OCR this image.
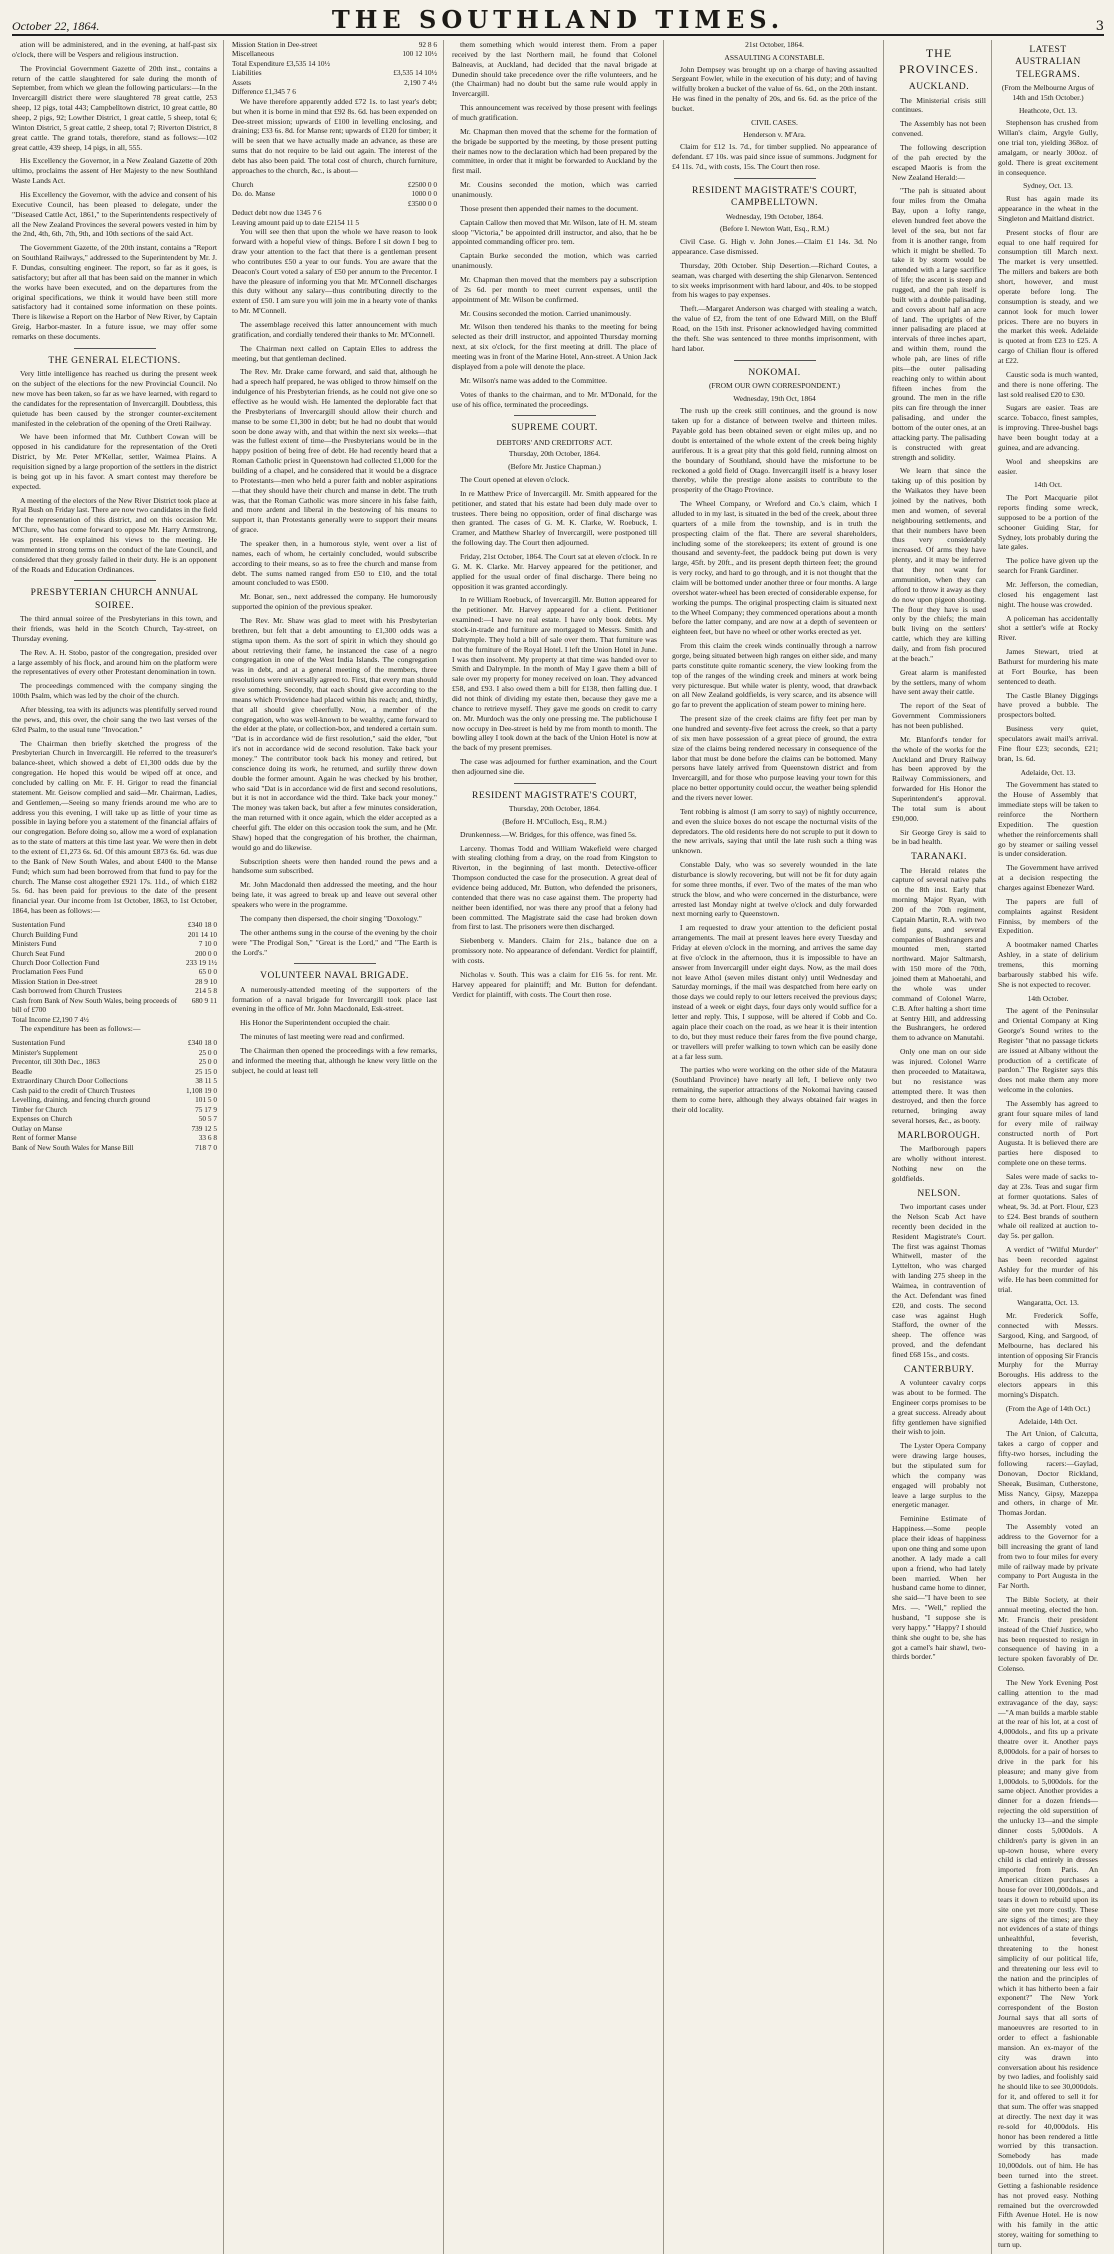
October 22, 1864.	THE SOUTHLAND TIMES.	3

ation will be administered, and in the evening, at half-past six o'clock, there will be Vespers and religious instruction.

The Provincial Government Gazette of 20th inst., contains a return of the cattle slaughtered for sale during the month of September, from which we glean the following particulars:—In the Invercargill district there were slaughtered 78 great cattle, 253 sheep, 12 pigs, total 443; Campbelltown district, 10 great cattle, 80 sheep, 2 pigs, 92; Lowther District, 1 great cattle, 5 sheep, total 6; Winton District, 5 great cattle, 2 sheep, total 7; Riverton District, 8 great cattle. The grand totals, therefore, stand as follows:—102 great cattle, 439 sheep, 14 pigs, in all, 555.

His Excellency the Governor, in a New Zealand Gazette of 20th ultimo, proclaims the assent of Her Majesty to the new Southland Waste Lands Act.

His Excellency the Governor, with the advice and consent of his Executive Council, has been pleased to delegate, under the "Diseased Cattle Act, 1861," to the Superintendents respectively of all the New Zealand Provinces the several powers vested in him by the 2nd, 4th, 6th, 7th, 9th, and 10th sections of the said Act.

The Government Gazette, of the 20th instant, contains a "Report on Southland Railways," addressed to the Superintendent by Mr. J. F. Dundas, consulting engineer. The report, so far as it goes, is satisfactory; but after all that has been said on the manner in which the works have been executed, and on the departures from the original specifications, we think it would have been still more satisfactory had it contained some information on these points. There is likewise a Report on the Harbor of New River, by Captain Greig, Harbor-master. In a future issue, we may offer some remarks on these documents.

THE GENERAL ELECTIONS.

Very little intelligence has reached us during the present week on the subject of the elections for the new Provincial Council. No new move has been taken, so far as we have learned, with regard to the candidates for the representation of Invercargill. Doubtless, this quietude has been caused by the stronger counter-excitement manifested in the celebration of the opening of the Oreti Railway.

We have been informed that Mr. Cuthbert Cowan will be opposed in his candidature for the representation of the Oreti District, by Mr. Peter M'Kellar, settler, Waimea Plains. A requisition signed by a large proportion of the settlers in the district is being got up in his favor. A smart contest may therefore be expected.

A meeting of the electors of the New River District took place at Ryal Bush on Friday last. There are now two candidates in the field for the representation of this district, and on this occasion Mr. M'Clure, who has come forward to oppose Mr. Harry Armstrong, was present. He explained his views to the meeting. He commented in strong terms on the conduct of the late Council, and considered that they grossly failed in their duty. He is an opponent of the Roads and Education Ordinances.

PRESBYTERIAN CHURCH ANNUAL SOIREE.

The third annual soiree of the Presbyterians in this town, and their friends, was held in the Scotch Church, Tay-street, on Thursday evening.

The Rev. A. H. Stobo, pastor of the congregation, presided over a large assembly of his flock, and around him on the platform were the representatives of every other Protestant denomination in town.

The proceedings commenced with the company singing the 100th Psalm, which was led by the choir of the church.

After blessing, tea with its adjuncts was plentifully served round the pews, and, this over, the choir sang the two last verses of the 63rd Psalm, to the usual tune "Invocation."

The Chairman then briefly sketched the progress of the Presbyterian Church in Invercargill. He referred to the treasurer's balance-sheet, which showed a debt of £1,300 odds due by the congregation. He hoped this would be wiped off at once, and concluded by calling on Mr. F. H. Grigor to read the financial statement. Mr. Geisow complied and said—Mr. Chairman, Ladies, and Gentlemen,—Seeing so many friends around me who are to address you this evening, I will take up as little of your time as possible in laying before you a statement of the financial affairs of our congregation. Before doing so, allow me a word of explanation as to the state of matters at this time last year. We were then in debt to the extent of £1,273 6s. 6d. Of this amount £873 6s. 6d. was due to the Bank of New South Wales, and about £400 to the Manse Fund; which sum had been borrowed from that fund to pay for the church. The Manse cost altogether £921 17s. 11d., of which £182 5s. 6d. has been paid for previous to the date of the present financial year. Our income from 1st October, 1863, to 1st October, 1864, has been as follows:—

Sustentation Fund	£340 18 0
Church Building Fund	201 14 10
Ministers Fund	7 10 0
Church Seat Fund	200 0 0
Church Door Collection Fund	233 19 1½
Proclamation Fees Fund	65 0 0
Mission Station in Dee-street	28 9 10
Cash borrowed from Church Trustees	214 5 8
Cash from Bank of New South Wales, being proceeds of bill of £700
680 9 11
Total Income £2,190 7 4½

The expenditure has been as follows:—

Sustentation Fund	£340 18 0
Minister's Supplement	25 0 0
Precentor, till 30th Dec., 1863	25 0 0
Beadle	25 15 0
Extraordinary Church Door Collections	38 11 5
Cash paid to the credit of Church Trustees	1,108 19 0
Levelling, draining, and fencing church ground	101 5 0
Timber for Church	75 17 9
Expenses on Church	50 5 7
Outlay on Manse	739 12 5
Rent of former Manse	33 6 8
Bank of New South Wales for Manse Bill	718 7 0
Mission Station in Dee-street	92 8 6
Miscellaneous	100 12 10½
Total Expenditure £3,535 14 10½
Liabilities	£3,535 14 10½
Assets	2,190 7 4½
Difference £1,345 7 6

We have therefore apparently added £72 1s. to last year's debt; but when it is borne in mind that £92 8s. 6d. has been expended on Dee-street mission; upwards of £100 in levelling enclosing, and draining; £33 6s. 8d. for Manse rent; upwards of £120 for timber; it will be seen that we have actually made an advance, as these are sums that do not require to be laid out again. The interest of the debt has also been paid. The total cost of church, church furniture, approaches to the church, &c., is about—

Church	£2500 0 0
Do. do. Manse	1000 0 0
£3500 0 0
Deduct debt now due 1345 7 6
Leaving amount paid up to date £2154 11 5

You will see then that upon the whole we have reason to look forward with a hopeful view of things. Before I sit down I beg to draw your attention to the fact that there is a gentleman present who contributes £50 a year to our funds. You are aware that the Deacon's Court voted a salary of £50 per annum to the Precentor. I have the pleasure of informing you that Mr. M'Connell discharges this duty without any salary—thus contributing directly to the extent of £50. I am sure you will join me in a hearty vote of thanks to Mr. M'Connell.

The assemblage received this latter announcement with much gratification, and cordially tendered their thanks to Mr. M'Connell.

The Chairman next called on Captain Elles to address the meeting, but that gentleman declined.

The Rev. Mr. Drake came forward, and said that, although he had a speech half prepared, he was obliged to throw himself on the indulgence of his Presbyterian friends, as he could not give one so effective as he would wish. He lamented the deplorable fact that the Presbyterians of Invercargill should allow their church and manse to be some £1,300 in debt; but he had no doubt that would soon be done away with, and that within the next six weeks—that was the fullest extent of time—the Presbyterians would be in the happy position of being free of debt. He had recently heard that a Roman Catholic priest in Queenstown had collected £1,000 for the building of a chapel, and he considered that it would be a disgrace to Protestants—men who held a purer faith and nobler aspirations—that they should have their church and manse in debt. The truth was, that the Roman Catholic was more sincere in his false faith, and more ardent and liberal in the bestowing of his means to support it, than Protestants generally were to support their means of grace.

The speaker then, in a humorous style, went over a list of names, each of whom, he certainly concluded, would subscribe according to their means, so as to free the church and manse from debt. The sums named ranged from £50 to £10, and the total amount concluded to was £500.

Mr. Bonar, sen., next addressed the company. He humorously supported the opinion of the previous speaker.

The Rev. Mr. Shaw was glad to meet with his Presbyterian brethren, but felt that a debt amounting to £1,300 odds was a stigma upon them. As the sort of spirit in which they should go about retrieving their fame, he instanced the case of a negro congregation in one of the West India Islands. The congregation was in debt, and at a general meeting of the members, three resolutions were universally agreed to. First, that every man should give something. Secondly, that each should give according to the means which Providence had placed within his reach; and, thirdly, that all should give cheerfully. Now, a member of the congregation, who was well-known to be wealthy, came forward to the elder at the plate, or collection-box, and tendered a certain sum. "Dat is in accordance wid de first resolution," said the elder, "but it's not in accordance wid de second resolution. Take back your money." The contributor took back his money and retired, but conscience doing its work, he returned, and surlily threw down double the former amount. Again he was checked by his brother, who said "Dat is in accordance wid de first and second resolutions, but it is not in accordance wid the third. Take back your money." The money was taken back, but after a few minutes consideration, the man returned with it once again, which the elder accepted as a cheerful gift. The elder on this occasion took the sum, and he (Mr. Shaw) hoped that the congregation of his brother, the chairman, would go and do likewise.

Subscription sheets were then handed round the pews and a handsome sum subscribed.

Mr. John Macdonald then addressed the meeting, and the hour being late, it was agreed to break up and leave out several other speakers who were in the programme.

The company then dispersed, the choir singing "Doxology."

The other anthems sung in the course of the evening by the choir were "The Prodigal Son," "Great is the Lord," and "The Earth is the Lord's."

VOLUNTEER NAVAL BRIGADE.

A numerously-attended meeting of the supporters of the formation of a naval brigade for Invercargill took place last evening in the office of Mr. John Macdonald, Esk-street.

His Honor the Superintendent occupied the chair.

The minutes of last meeting were read and confirmed.

The Chairman then opened the proceedings with a few remarks, and informed the meeting that, although he knew very little on the subject, he could at least tell

them something which would interest them. From a paper received by the last Northern mail, he found that Colonel Balneavis, at Auckland, had decided that the naval brigade at Dunedin should take precedence over the rifle volunteers, and he (the Chairman) had no doubt but the same rule would apply in Invercargill.

This announcement was received by those present with feelings of much gratification.

Mr. Chapman then moved that the scheme for the formation of the brigade be supported by the meeting, by those present putting their names now to the declaration which had been prepared by the committee, in order that it might be forwarded to Auckland by the first mail.

Mr. Cousins seconded the motion, which was carried unanimously.

Those present then appended their names to the document.

Captain Callow then moved that Mr. Wilson, late of H. M. steam sloop "Victoria," be appointed drill instructor, and also, that he be appointed commanding officer pro. tem.

Captain Burke seconded the motion, which was carried unanimously.

Mr. Chapman then moved that the members pay a subscription of 2s 6d. per month to meet current expenses, until the appointment of Mr. Wilson be confirmed.

Mr. Cousins seconded the motion. Carried unanimously.

Mr. Wilson then tendered his thanks to the meeting for being selected as their drill instructor, and appointed Thursday morning next, at six o'clock, for the first meeting at drill. The place of meeting was in front of the Marine Hotel, Ann-street. A Union Jack displayed from a pole will denote the place.

Mr. Wilson's name was added to the Committee.

Votes of thanks to the chairman, and to Mr. M'Donald, for the use of his office, terminated the proceedings.

SUPREME COURT.
DEBTORS' AND CREDITORS' ACT.
Thursday, 20th October, 1864.
(Before Mr. Justice Chapman.)

The Court opened at eleven o'clock.

In re Matthew Price of Invercargill. Mr. Smith appeared for the petitioner, and stated that his estate had been duly made over to trustees. There being no opposition, order of final discharge was then granted. The cases of G. M. K. Clarke, W. Roebuck, I. Cramer, and Matthew Sharley of Invercargill, were postponed till the following day. The Court then adjourned.

Friday, 21st October, 1864. The Court sat at eleven o'clock. In re G. M. K. Clarke. Mr. Harvey appeared for the petitioner, and applied for the usual order of final discharge. There being no opposition it was granted accordingly.

In re William Roebuck, of Invercargill. Mr. Button appeared for the petitioner. Mr. Harvey appeared for a client. Petitioner examined:—I have no real estate. I have only book debts. My stock-in-trade and furniture are mortgaged to Messrs. Smith and Dalrymple. They hold a bill of sale over them. That furniture was not the furniture of the Royal Hotel. I left the Union Hotel in June. I was then insolvent. My property at that time was handed over to Smith and Dalrymple. In the month of May I gave them a bill of sale over my property for money received on loan. They advanced £58, and £93. I also owed them a bill for £138, then falling due. I did not think of dividing my estate then, because they gave me a chance to retrieve myself. They gave me goods on credit to carry on. Mr. Murdoch was the only one pressing me. The publichouse I now occupy in Dee-street is held by me from month to month. The bowling alley I took down at the back of the Union Hotel is now at the back of my present premises.

The case was adjourned for further examination, and the Court then adjourned sine die.

RESIDENT MAGISTRATE'S COURT,
Thursday, 20th October, 1864.
(Before H. M'Culloch, Esq., R.M.)

Drunkenness.—W. Bridges, for this offence, was fined 5s.

Larceny. Thomas Todd and William Wakefield were charged with stealing clothing from a dray, on the road from Kingston to Riverton, in the beginning of last month. Detective-officer Thompson conducted the case for the prosecution. A great deal of evidence being adduced, Mr. Button, who defended the prisoners, contended that there was no case against them. The property had neither been identified, nor was there any proof that a felony had been committed. The Magistrate said the case had broken down from first to last. The prisoners were then discharged.

Siebenberg v. Manders. Claim for 21s., balance due on a promissory note. No appearance of defendant. Verdict for plaintiff, with costs.

Nicholas v. South. This was a claim for £16 5s. for rent. Mr. Harvey appeared for plaintiff; and Mr. Button for defendant. Verdict for plaintiff, with costs. The Court then rose.

21st October, 1864.
ASSAULTING A CONSTABLE.

John Dempsey was brought up on a charge of having assaulted Sergeant Fowler, while in the execution of his duty; and of having wilfully broken a bucket of the value of 6s. 6d., on the 20th instant. He was fined in the penalty of 20s, and 6s. 6d. as the price of the bucket.

CIVIL CASES.
Henderson v. M'Ara.

Claim for £12 1s. 7d., for timber supplied. No appearance of defendant. £7 10s. was paid since issue of summons. Judgment for £4 11s. 7d., with costs, 15s. The Court then rose.

RESIDENT MAGISTRATE'S COURT, CAMPBELLTOWN.
Wednesday, 19th October, 1864.
(Before I. Newton Watt, Esq., R.M.)

Civil Case. G. High v. John Jones.—Claim £1 14s. 3d. No appearance. Case dismissed.

Thursday, 20th October. Ship Desertion.—Richard Coutes, a seaman, was charged with deserting the ship Glenarvon. Sentenced to six weeks imprisonment with hard labour, and 40s. to be stopped from his wages to pay expenses.

Theft.—Margaret Anderson was charged with stealing a watch, the value of £2, from the tent of one Edward Mill, on the Bluff Road, on the 15th inst. Prisoner acknowledged having committed the theft. She was sentenced to three months imprisonment, with hard labor.

NOKOMAI.
(FROM OUR OWN CORRESPONDENT.)
Wednesday, 19th Oct, 1864

The rush up the creek still continues, and the ground is now taken up for a distance of between twelve and thirteen miles. Payable gold has been obtained seven or eight miles up, and no doubt is entertained of the whole extent of the creek being highly auriferous. It is a great pity that this gold field, running almost on the boundary of Southland, should have the misfortune to be reckoned a gold field of Otago. Invercargill itself is a heavy loser thereby, while the prestige alone assists to contribute to the prosperity of the Otago Province.

The Wheel Company, or Wreford and Co.'s claim, which I alluded to in my last, is situated in the bed of the creek, about three quarters of a mile from the township, and is in truth the prospecting claim of the flat. There are several shareholders, including some of the storekeepers; its extent of ground is one thousand and seventy-feet, the paddock being put down is very large, 45ft. by 20ft., and its present depth thirteen feet; the ground is very rocky, and hard to go through, and it is not thought that the claim will be bottomed under another three or four months. A large overshot water-wheel has been erected of considerable expense, for working the pumps. The original prospecting claim is situated next to the Wheel Company; they commenced operations about a month before the latter company, and are now at a depth of seventeen or eighteen feet, but have no wheel or other works erected as yet.

From this claim the creek winds continually through a narrow gorge, being situated between high ranges on either side, and many parts constitute quite romantic scenery, the view looking from the top of the ranges of the winding creek and miners at work being very picturesque. But while water is plenty, wood, that drawback on all New Zealand goldfields, is very scarce, and its absence will go far to prevent the application of steam power to mining here.

The present size of the creek claims are fifty feet per man by one hundred and seventy-five feet across the creek, so that a party of six men have possession of a great piece of ground, the extra size of the claims being rendered necessary in consequence of the labor that must be done before the claims can be bottomed. Many persons have lately arrived from Queenstown district and from Invercargill, and for those who purpose leaving your town for this place no better opportunity could occur, the weather being splendid and the rivers never lower.

Tent robbing is almost (I am sorry to say) of nightly occurrence, and even the sluice boxes do not escape the nocturnal visits of the depredators. The old residents here do not scruple to put it down to the new arrivals, saying that until the late rush such a thing was unknown.

Constable Daly, who was so severely wounded in the late disturbance is slowly recovering, but will not be fit for duty again for some three months, if ever. Two of the mates of the man who struck the blow, and who were concerned in the disturbance, were arrested last Monday night at twelve o'clock and duly forwarded next morning early to Queenstown.

I am requested to draw your attention to the deficient postal arrangements. The mail at present leaves here every Tuesday and Friday at eleven o'clock in the morning, and arrives the same day at five o'clock in the afternoon, thus it is impossible to have an answer from Invercargill under eight days. Now, as the mail does not leave Athol (seven miles distant only) until Wednesday and Saturday mornings, if the mail was despatched from here early on those days we could reply to our letters received the previous days; instead of a week or eight days, four days only would suffice for a letter and reply. This, I suppose, will be altered if Cobb and Co. again place their coach on the road, as we hear it is their intention to do, but they must reduce their fares from the five pound charge, or travellers will prefer walking to town which can be easily done at a far less sum.

The parties who were working on the other side of the Mataura (Southland Province) have nearly all left, I believe only two remaining, the superior attractions of the Nokomai having caused them to come here, although they always obtained fair wages in their old locality.

THE PROVINCES.
AUCKLAND.

The Ministerial crisis still continues.

The Assembly has not been convened.

The following description of the pah erected by the escaped Maoris is from the New Zealand Herald:—

"The pah is situated about four miles from the Omaha Bay, upon a lofty range, eleven hundred feet above the level of the sea, but not far from it is another range, from which it might be shelled. To take it by storm would be attended with a large sacrifice of life; the ascent is steep and rugged, and the pah itself is built with a double palisading, and covers about half an acre of land. The uprights of the inner palisading are placed at intervals of three inches apart, and within them, round the whole pah, are lines of rifle pits—the outer palisading reaching only to within about fifteen inches from the ground. The men in the rifle pits can fire through the inner palisading, and under the bottom of the outer ones, at an attacking party. The palisading is constructed with great strength and solidity.

We learn that since the taking up of this position by the Waikatos they have been joined by the natives, both men and women, of several neighbouring settlements, and that their numbers have been thus very considerably increased. Of arms they have plenty, and it may be inferred that they not want for ammunition, when they can afford to throw it away as they do now upon pigeon shooting. The flour they have is used only by the chiefs; the main bulk living on the settlers' cattle, which they are killing daily, and from fish procured at the beach."

Great alarm is manifested by the settlers, many of whom have sent away their cattle.

The report of the Seat of Government Commissioners has not been published.

Mr. Blanford's tender for the whole of the works for the Auckland and Drury Railway has been approved by the Railway Commissioners, and forwarded for His Honor the Superintendent's approval. The total sum is about £90,000.

Sir George Grey is said to be in bad health.

TARANAKI.

The Herald relates the capture of several native pahs on the 8th inst. Early that morning Major Ryan, with 200 of the 70th regiment, Captain Martin, R.A. with two field guns, and several companies of Bushrangers and mounted men, started northward. Major Saltmarsh, with 150 more of the 70th, joined them at Mahoetahi, and the whole was under command of Colonel Warre, C.B. After halting a short time at Sentry Hill, and addressing the Bushrangers, he ordered them to advance on Manutahi.

Only one man on our side was injured. Colonel Warre then proceeded to Mataitawa, but no resistance was attempted there. It was then destroyed, and then the force returned, bringing away several horses, &c., as booty.

MARLBOROUGH.

The Marlborough papers are wholly without interest. Nothing new on the goldfields.

NELSON.

Two important cases under the Nelson Scab Act have recently been decided in the Resident Magistrate's Court. The first was against Thomas Whitwell, master of the Lyttelton, who was charged with landing 275 sheep in the Waimea, in contravention of the Act. Defendant was fined £20, and costs. The second case was against Hugh Stafford, the owner of the sheep. The offence was proved, and the defendant fined £68 15s., and costs.

CANTERBURY.

A volunteer cavalry corps was about to be formed. The Engineer corps promises to be a great success. Already about fifty gentlemen have signified their wish to join.

The Lyster Opera Company were drawing large houses, but the stipulated sum for which the company was engaged will probably not leave a large surplus to the energetic manager.

Feminine Estimate of Happiness.—Some people place their ideas of happiness upon one thing and some upon another. A lady made a call upon a friend, who had lately been married. When her husband came home to dinner, she said—"I have been to see Mrs. —. "Well," replied the husband, "I suppose she is very happy." "Happy? I should think she ought to be, she has got a camel's hair shawl, two-thirds border."

LATEST AUSTRALIAN TELEGRAMS.
(From the Melbourne Argus of 14th and 15th October.)
Heathcote, Oct. 13.

Stephenson has crushed from Willan's claim, Argyle Gully, one trial ton, yielding 368oz. of amalgam, or nearly 300oz. of gold. There is great excitement in consequence.

Sydney, Oct. 13.

Rust has again made its appearance in the wheat in the Singleton and Maitland district.

Present stocks of flour are equal to one half required for consumption till March next. The market is very unsettled. The millers and bakers are both short, however, and must operate before long. The consumption is steady, and we cannot look for much lower prices. There are no buyers in the market this week. Adelaide is quoted at from £23 to £25. A cargo of Chilian flour is offered at £22.

Caustic soda is much wanted, and there is none offering. The last sold realised £20 to £30.

Sugars are easier. Teas are scarce. Tobacco, finest samples, is improving. Three-bushel bags have been bought today at a guinea, and are advancing.

Wool and sheepskins are easier.

14th Oct.

The Port Macquarie pilot reports finding some wreck, supposed to be a portion of the schooner Guiding Star, for Sydney, lots probably during the late gales.

The police have given up the search for Frank Gardiner.

Mr. Jefferson, the comedian, closed his engagement last night. The house was crowded.

A policeman has accidentally shot a settler's wife at Rocky River.

James Stewart, tried at Bathurst for murdering his mate at Fort Bourke, has been sentenced to death.

The Castle Blaney Diggings have proved a bubble. The prospectors bolted.

Business very quiet, speculators await mail's arrival. Fine flour £23; seconds, £21; bran, 1s. 6d.

Adelaide, Oct. 13.

The Government has stated to the House of Assembly that immediate steps will be taken to reinforce the Northern Expedition. The question whether the reinforcements shall go by steamer or sailing vessel is under consideration.

The Government have arrived at a decision respecting the charges against Ebenezer Ward.

The papers are full of complaints against Resident Finniss, by members of the Expedition.

A bootmaker named Charles Ashley, in a state of delirium tremens, this morning barbarously stabbed his wife. She is not expected to recover.

14th October.

The agent of the Peninsular and Oriental Company at King George's Sound writes to the Register "that no passage tickets are issued at Albany without the production of a certificate of pardon." The Register says this does not make them any more welcome in the colonies.

The Assembly has agreed to grant four square miles of land for every mile of railway constructed north of Port Augusta. It is believed there are parties here disposed to complete one on these terms.

Sales were made of sacks to-day at 23s. Teas and sugar firm at former quotations. Sales of wheat, 9s. 3d. at Port. Flour, £23 to £24. Best brands of southern whale oil realized at auction to-day 5s. per gallon.

A verdict of "Wilful Murder" has been recorded against Ashley for the murder of his wife. He has been committed for trial.

Wangaratta, Oct. 13.

Mr. Frederick Soffe, connected with Messrs. Sargood, King, and Sargood, of Melbourne, has declared his intention of opposing Sir Francis Murphy for the Murray Boroughs. His address to the electors appears in this morning's Dispatch.

(From the Age of 14th Oct.)
Adelaide, 14th Oct.

The Art Union, of Calcutta, takes a cargo of copper and fifty-two horses, including the following racers:—Gaylad, Donovan, Doctor Rickland, Sheeak, Busiman, Cutherstone, Miss Nancy, Gipsy, Mazeppa and others, in charge of Mr. Thomas Jordan.

The Assembly voted an address to the Governor for a bill increasing the grant of land from two to four miles for every mile of railway made by private company to Port Augusta in the Far North.

The Bible Society, at their annual meeting, elected the hon. Mr. Francis their president instead of the Chief Justice, who has been requested to resign in consequence of having in a lecture spoken favorably of Dr. Colenso.

The New York Evening Post calling attention to the mad extravagance of the day, says:—"A man builds a marble stable at the rear of his lot, at a cost of 4,000dols., and fits up a private theatre over it. Another pays 8,000dols. for a pair of horses to drive in the park for his pleasure; and many give from 1,000dols. to 5,000dols. for the same object. Another provides a dinner for a dozen friends—rejecting the old superstition of the unlucky 13—and the simple dinner costs 5,000dols. A children's party is given in an up-town house, where every child is clad entirely in dresses imported from Paris. An American citizen purchases a house for over 100,000dols., and tears it down to rebuild upon its site one yet more costly. These are signs of the times; are they not evidences of a state of things unhealthful, feverish, threatening to the honest simplicity of our political life, and threatening our less evil to the nation and the principles of which it has hitherto been a fair exponent?" The New York correspondent of the Boston Journal says that all sorts of manoeuvres are resorted to in order to effect a fashionable mansion. An ex-mayor of the city was drawn into conversation about his residence by two ladies, and foolishly said he should like to see 30,000dols. for it, and offered to sell it for that sum. The offer was snapped at directly. The next day it was re-sold for 40,000dols. His honor has been rendered a little worried by this transaction. Somebody has made 10,000dols. out of him. He has been turned into the street. Getting a fashionable residence has not proved easy. Nothing remained but the overcrowded Fifth Avenue Hotel. He is now with his family in the attic storey, waiting for something to turn up.
